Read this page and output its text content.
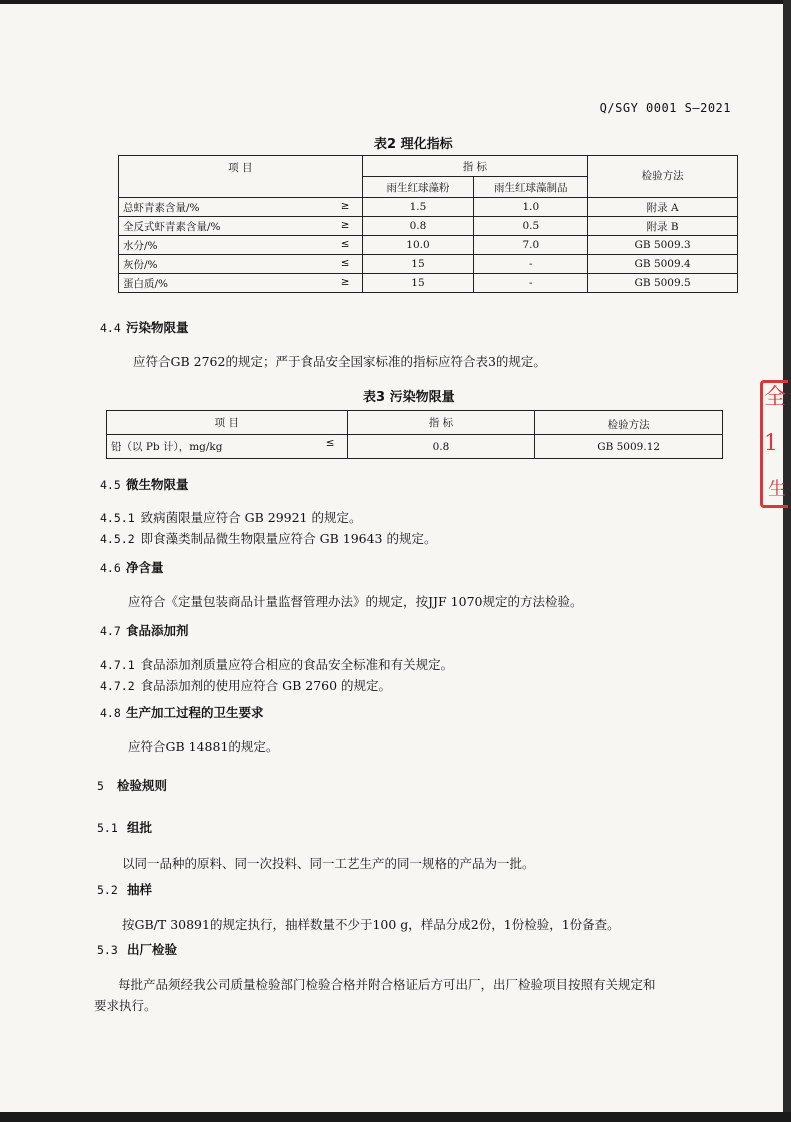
全
1
生
Q/SGY 0001 S—2021
表2 理化指标
项 目	指 标		检验方法
	雨生红球藻粉	雨生红球藻制品	
总虾青素含量/% ≥	1.5	1.0	附录 A
全反式虾青素含量/% ≥	0.8	0.5	附录 B
水分/% ≤	10.0	7.0	GB 5009.3
灰份/% ≤	15	-	GB 5009.4
蛋白质/% ≥	15	-	GB 5009.5
4.4 污染物限量
应符合GB 2762的规定；严于食品安全国家标准的指标应符合表3的规定。
表3 污染物限量
项 目	指 标	检验方法
铅（以 Pb 计），mg/kg ≤	0.8	GB 5009.12
4.5 微生物限量
4.5.1 致病菌限量应符合 GB 29921 的规定。
4.5.2 即食藻类制品微生物限量应符合 GB 19643 的规定。
4.6 净含量
应符合《定量包装商品计量监督管理办法》的规定，按JJF 1070规定的方法检验。
4.7 食品添加剂
4.7.1 食品添加剂质量应符合相应的食品安全标准和有关规定。
4.7.2 食品添加剂的使用应符合 GB 2760 的规定。
4.8 生产加工过程的卫生要求
应符合GB 14881的规定。
5 检验规则
5.1 组批
以同一品种的原料、同一次投料、同一工艺生产的同一规格的产品为一批。
5.2 抽样
按GB/T 30891的规定执行，抽样数量不少于100 g，样品分成2份，1份检验，1份备查。
5.3 出厂检验
每批产品须经我公司质量检验部门检验合格并附合格证后方可出厂，出厂检验项目按照有关规定和
要求执行。
